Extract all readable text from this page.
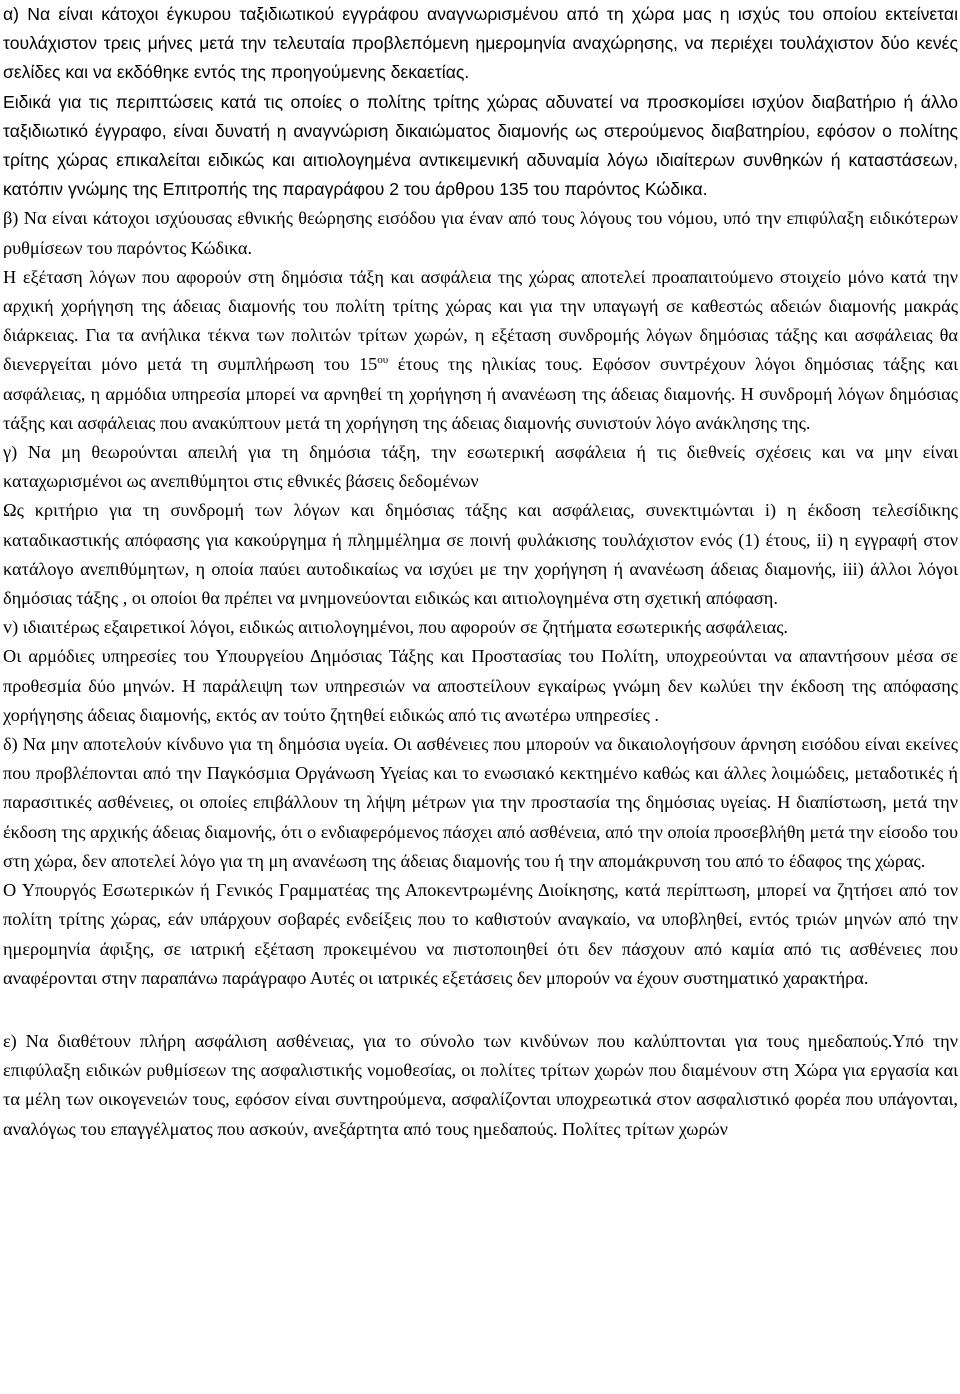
α) Να είναι κάτοχοι έγκυρου ταξιδιωτικού εγγράφου αναγνωρισμένου από τη χώρα μας η ισχύς του οποίου εκτείνεται τουλάχιστον τρεις μήνες μετά την τελευταία προβλεπόμενη ημερομηνία αναχώρησης, να περιέχει τουλάχιστον δύο κενές σελίδες και να εκδόθηκε εντός της προηγούμενης δεκαετίας.
Ειδικά για τις περιπτώσεις κατά τις οποίες ο πολίτης τρίτης χώρας αδυνατεί να προσκομίσει ισχύον διαβατήριο ή άλλο ταξιδιωτικό έγγραφο, είναι δυνατή η αναγνώριση δικαιώματος διαμονής ως στερούμενος διαβατηρίου, εφόσον ο πολίτης τρίτης χώρας επικαλείται ειδικώς και αιτιολογημένα αντικειμενική αδυναμία λόγω ιδιαίτερων συνθηκών ή καταστάσεων, κατόπιν γνώμης της Επιτροπής της παραγράφου 2 του άρθρου 135 του παρόντος Κώδικα.
β) Να είναι κάτοχοι ισχύουσας εθνικής θεώρησης εισόδου για έναν από τους λόγους του νόμου, υπό την επιφύλαξη ειδικότερων ρυθμίσεων του παρόντος Κώδικα.
Η εξέταση λόγων που αφορούν στη δημόσια τάξη και ασφάλεια της χώρας αποτελεί προαπαιτούμενο στοιχείο μόνο κατά την αρχική χορήγηση της άδειας διαμονής του πολίτη τρίτης χώρας και για την υπαγωγή σε καθεστώς αδειών διαμονής μακράς διάρκειας. Για τα ανήλικα τέκνα των πολιτών τρίτων χωρών, η εξέταση συνδρομής λόγων δημόσιας τάξης και ασφάλειας θα διενεργείται μόνο μετά τη συμπλήρωση του $15^{o\upsilon}$ έτους της ηλικίας τους. Εφόσον συντρέχουν λόγοι δημόσιας τάξης και ασφάλειας, η αρμόδια υπηρεσία μπορεί να αρνηθεί τη χορήγηση ή ανανέωση της άδειας διαμονής. Η συνδρομή λόγων δημόσιας τάξης και ασφάλειας που ανακύπτουν μετά τη χορήγηση της άδειας διαμονής συνιστούν λόγο ανάκλησης της.
γ) Να μη θεωρούνται απειλή για τη δημόσια τάξη, την εσωτερική ασφάλεια ή τις διεθνείς σχέσεις και να μην είναι καταχωρισμένοι ως ανεπιθύμητοι στις εθνικές βάσεις δεδομένων
Ως κριτήριο για τη συνδρομή των λόγων και δημόσιας τάξης και ασφάλειας, συνεκτιμώνται i) η έκδοση τελεσίδικης καταδικαστικής απόφασης για κακούργημα ή πλημμέλημα σε ποινή φυλάκισης τουλάχιστον ενός (1) έτους, ii) η εγγραφή στον κατάλογο ανεπιθύμητων, η οποία παύει αυτοδικαίως να ισχύει με την χορήγηση ή ανανέωση άδειας διαμονής, iii) άλλοι λόγοι δημόσιας τάξης , οι οποίοι θα πρέπει να μνημονεύονται ειδικώς και αιτιολογημένα στη σχετική απόφαση.
v) ιδιαιτέρως εξαιρετικοί λόγοι, ειδικώς αιτιολογημένοι, που αφορούν σε ζητήματα εσωτερικής ασφάλειας.
Οι αρμόδιες υπηρεσίες του Υπουργείου Δημόσιας Τάξης και Προστασίας του Πολίτη, υποχρεούνται να απαντήσουν μέσα σε προθεσμία δύο μηνών. Η παράλειψη των υπηρεσιών να αποστείλουν εγκαίρως γνώμη δεν κωλύει την έκδοση της απόφασης χορήγησης άδειας διαμονής, εκτός αν τούτο ζητηθεί ειδικώς από τις ανωτέρω υπηρεσίες .
δ) Να μην αποτελούν κίνδυνο για τη δημόσια υγεία. Οι ασθένειες που μπορούν να δικαιολογήσουν άρνηση εισόδου είναι εκείνες που προβλέπονται από την Παγκόσμια Οργάνωση Υγείας και το ενωσιακό κεκτημένο καθώς και άλλες λοιμώδεις, μεταδοτικές ή παρασιτικές ασθένειες, οι οποίες επιβάλλουν τη λήψη μέτρων για την προστασία της δημόσιας υγείας. Η διαπίστωση, μετά την έκδοση της αρχικής άδειας διαμονής, ότι ο ενδιαφερόμενος πάσχει από ασθένεια, από την οποία προσεβλήθη μετά την είσοδο του στη χώρα, δεν αποτελεί λόγο για τη μη ανανέωση της άδειας διαμονής του ή την απομάκρυνση του από το έδαφος της χώρας.
Ο Υπουργός Εσωτερικών ή Γενικός Γραμματέας της Αποκεντρωμένης Διοίκησης, κατά περίπτωση, μπορεί να ζητήσει από τον πολίτη τρίτης χώρας, εάν υπάρχουν σοβαρές ενδείξεις που το καθιστούν αναγκαίο, να υποβληθεί, εντός τριών μηνών από την ημερομηνία άφιξης, σε ιατρική εξέταση προκειμένου να πιστοποιηθεί ότι δεν πάσχουν από καμία από τις ασθένειες που αναφέρονται στην παραπάνω παράγραφο Αυτές οι ιατρικές εξετάσεις δεν μπορούν να έχουν συστηματικό χαρακτήρα.
ε) Να διαθέτουν πλήρη ασφάλιση ασθένειας, για το σύνολο των κινδύνων που καλύπτονται για τους ημεδαπούς.Υπό την επιφύλαξη ειδικών ρυθμίσεων της ασφαλιστικής νομοθεσίας, οι πολίτες τρίτων χωρών που διαμένουν στη Χώρα για εργασία και τα μέλη των οικογενειών τους, εφόσον είναι συντηρούμενα, ασφαλίζονται υποχρεωτικά στον ασφαλιστικό φορέα που υπάγονται, αναλόγως του επαγγέλματος που ασκούν, ανεξάρτητα από τους ημεδαπούς. Πολίτες τρίτων χωρών
